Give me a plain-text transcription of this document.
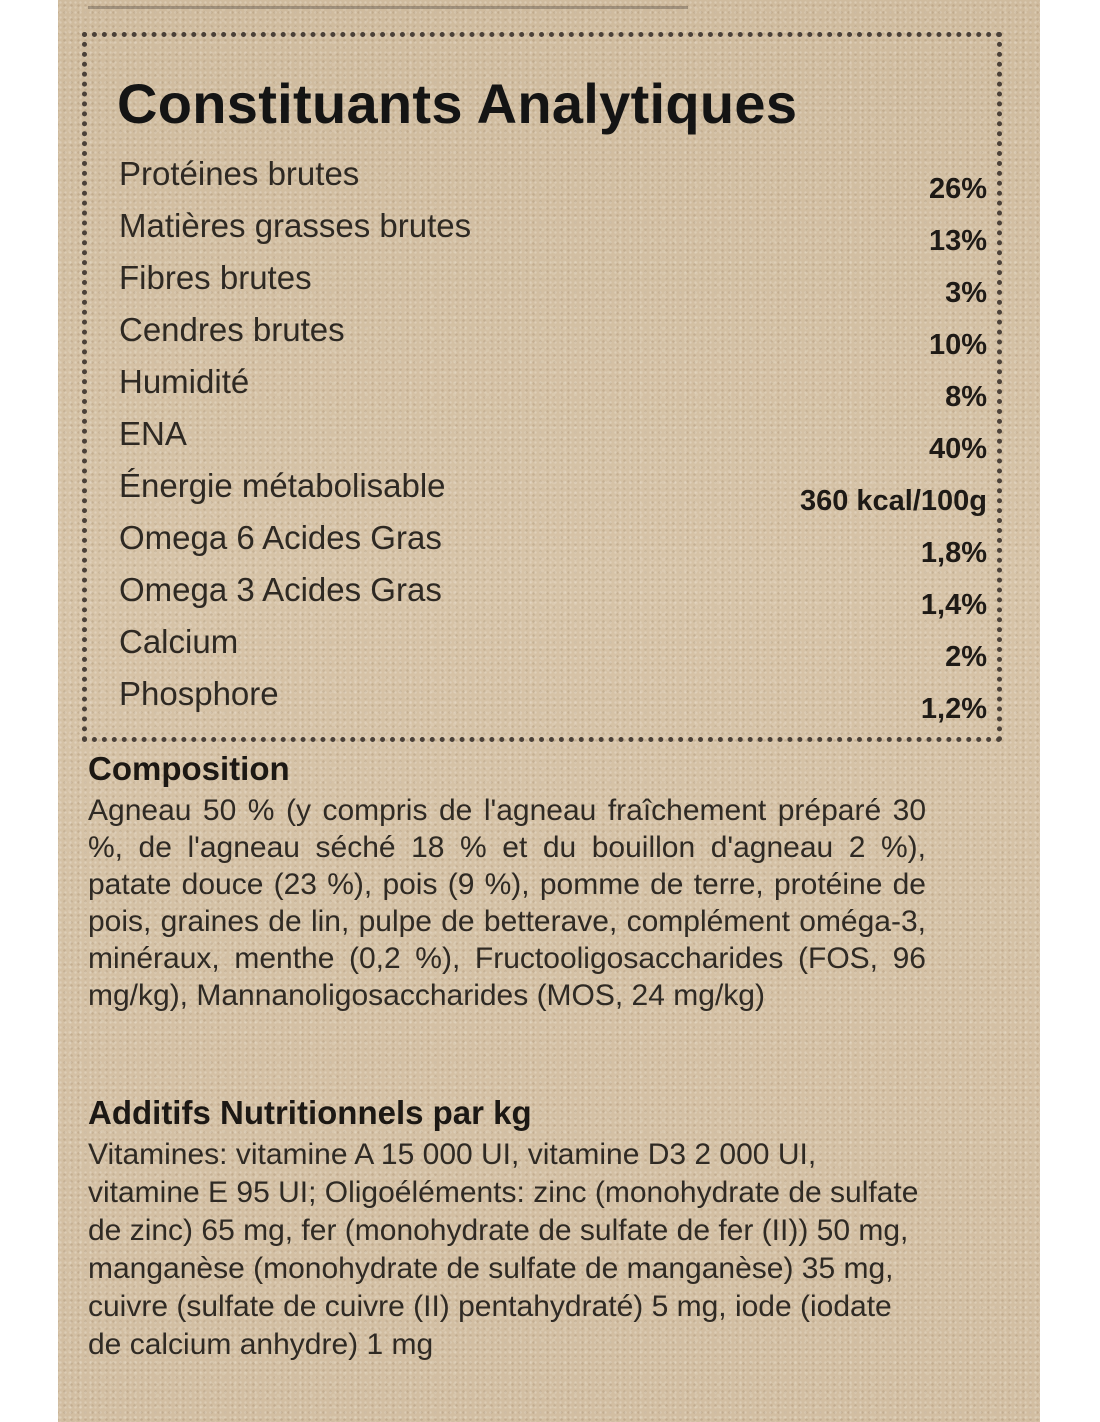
Constituants Analytiques
Protéines brutes	26%
Matières grasses brutes	13%
Fibres brutes	3%
Cendres brutes	10%
Humidité	8%
ENA	40%
Énergie métabolisable	360 kcal/100g
Omega 6 Acides Gras	1,8%
Omega 3 Acides Gras	1,4%
Calcium	2%
Phosphore	1,2%
Composition

Agneau 50 % (y compris de l'agneau fraîchement préparé 30 %, de l'agneau séché 18 % et du bouillon d'agneau 2 %), patate douce (23 %), pois (9 %), pomme de terre, protéine de pois, graines de lin, pulpe de betterave, complément oméga-3, minéraux, menthe (0,2 %), Fructooligosaccharides (FOS, 96 mg/kg), Mannanoligosaccharides (MOS, 24 mg/kg)

Additifs Nutritionnels par kg

Vitamines: vitamine A 15 000 UI, vitamine D3 2 000 UI, vitamine E 95 UI; Oligoéléments: zinc (monohydrate de sulfate de zinc) 65 mg, fer (monohydrate de sulfate de fer (II)) 50 mg, manganèse (monohydrate de sulfate de manganèse) 35 mg, cuivre (sulfate de cuivre (II) pentahydraté) 5 mg, iode (iodate de calcium anhydre) 1 mg
